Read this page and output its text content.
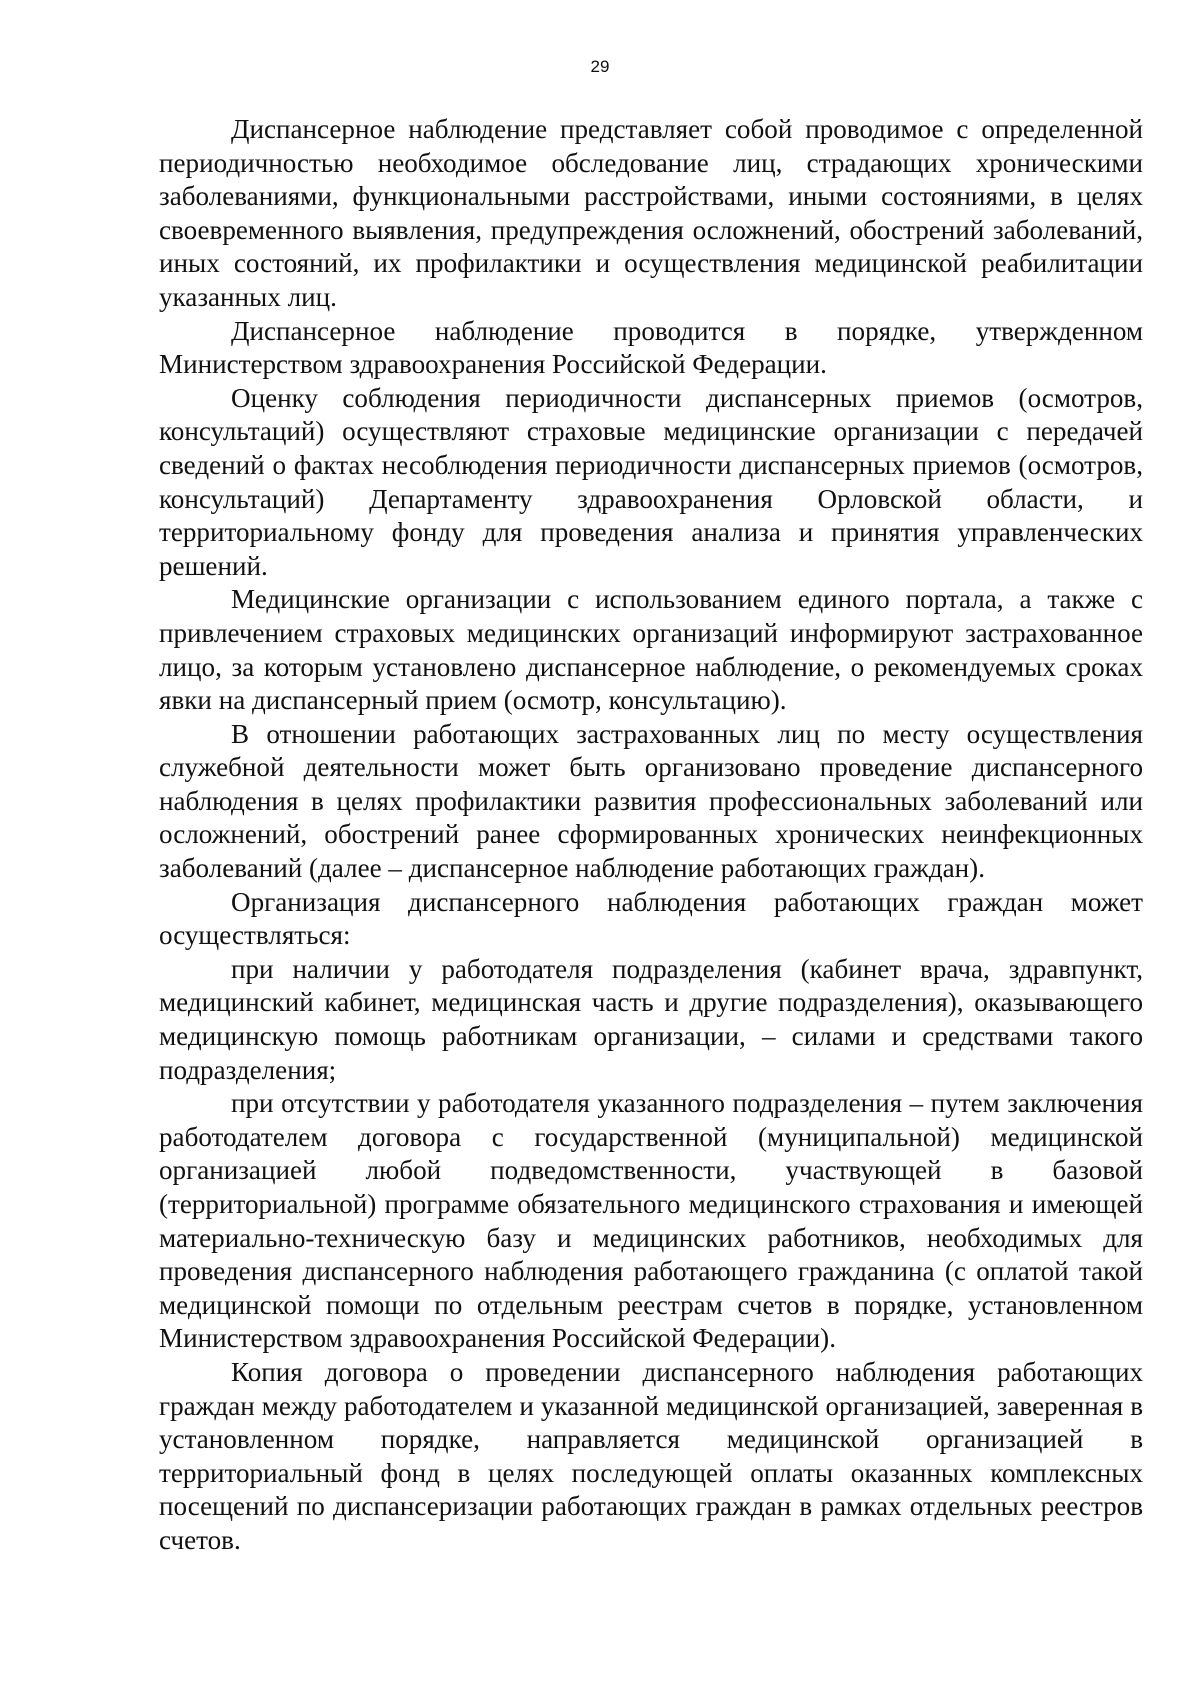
29

Диспансерное наблюдение представляет собой проводимое с определенной периодичностью необходимое обследование лиц, страдающих хроническими заболеваниями, функциональными расстройствами, иными состояниями, в целях своевременного выявления, предупреждения осложнений, обострений заболеваний, иных состояний, их профилактики и осуществления медицинской реабилитации указанных лиц.

Диспансерное наблюдение проводится в порядке, утвержденном Министерством здравоохранения Российской Федерации.

Оценку соблюдения периодичности диспансерных приемов (осмотров, консультаций) осуществляют страховые медицинские организации с передачей сведений о фактах несоблюдения периодичности диспансерных приемов (осмотров, консультаций) Департаменту здравоохранения Орловской области, и территориальному фонду для проведения анализа и принятия управленческих решений.

Медицинские организации с использованием единого портала, а также с привлечением страховых медицинских организаций информируют застрахованное лицо, за которым установлено диспансерное наблюдение, о рекомендуемых сроках явки на диспансерный прием (осмотр, консультацию).

В отношении работающих застрахованных лиц по месту осуществления служебной деятельности может быть организовано проведение диспансерного наблюдения в целях профилактики развития профессиональных заболеваний или осложнений, обострений ранее сформированных хронических неинфекционных заболеваний (далее – диспансерное наблюдение работающих граждан).

Организация диспансерного наблюдения работающих граждан может осуществляться:

при наличии у работодателя подразделения (кабинет врача, здравпункт, медицинский кабинет, медицинская часть и другие подразделения), оказывающего медицинскую помощь работникам организации, – силами и средствами такого подразделения;

при отсутствии у работодателя указанного подразделения – путем заключения работодателем договора с государственной (муниципальной) медицинской организацией любой подведомственности, участвующей в базовой (территориальной) программе обязательного медицинского страхования и имеющей материально-техническую базу и медицинских работников, необходимых для проведения диспансерного наблюдения работающего гражданина (с оплатой такой медицинской помощи по отдельным реестрам счетов в порядке, установленном Министерством здравоохранения Российской Федерации).

Копия договора о проведении диспансерного наблюдения работающих граждан между работодателем и указанной медицинской организацией, заверенная в установленном порядке, направляется медицинской организацией в территориальный фонд в целях последующей оплаты оказанных комплексных посещений по диспансеризации работающих граждан в рамках отдельных реестров счетов.
